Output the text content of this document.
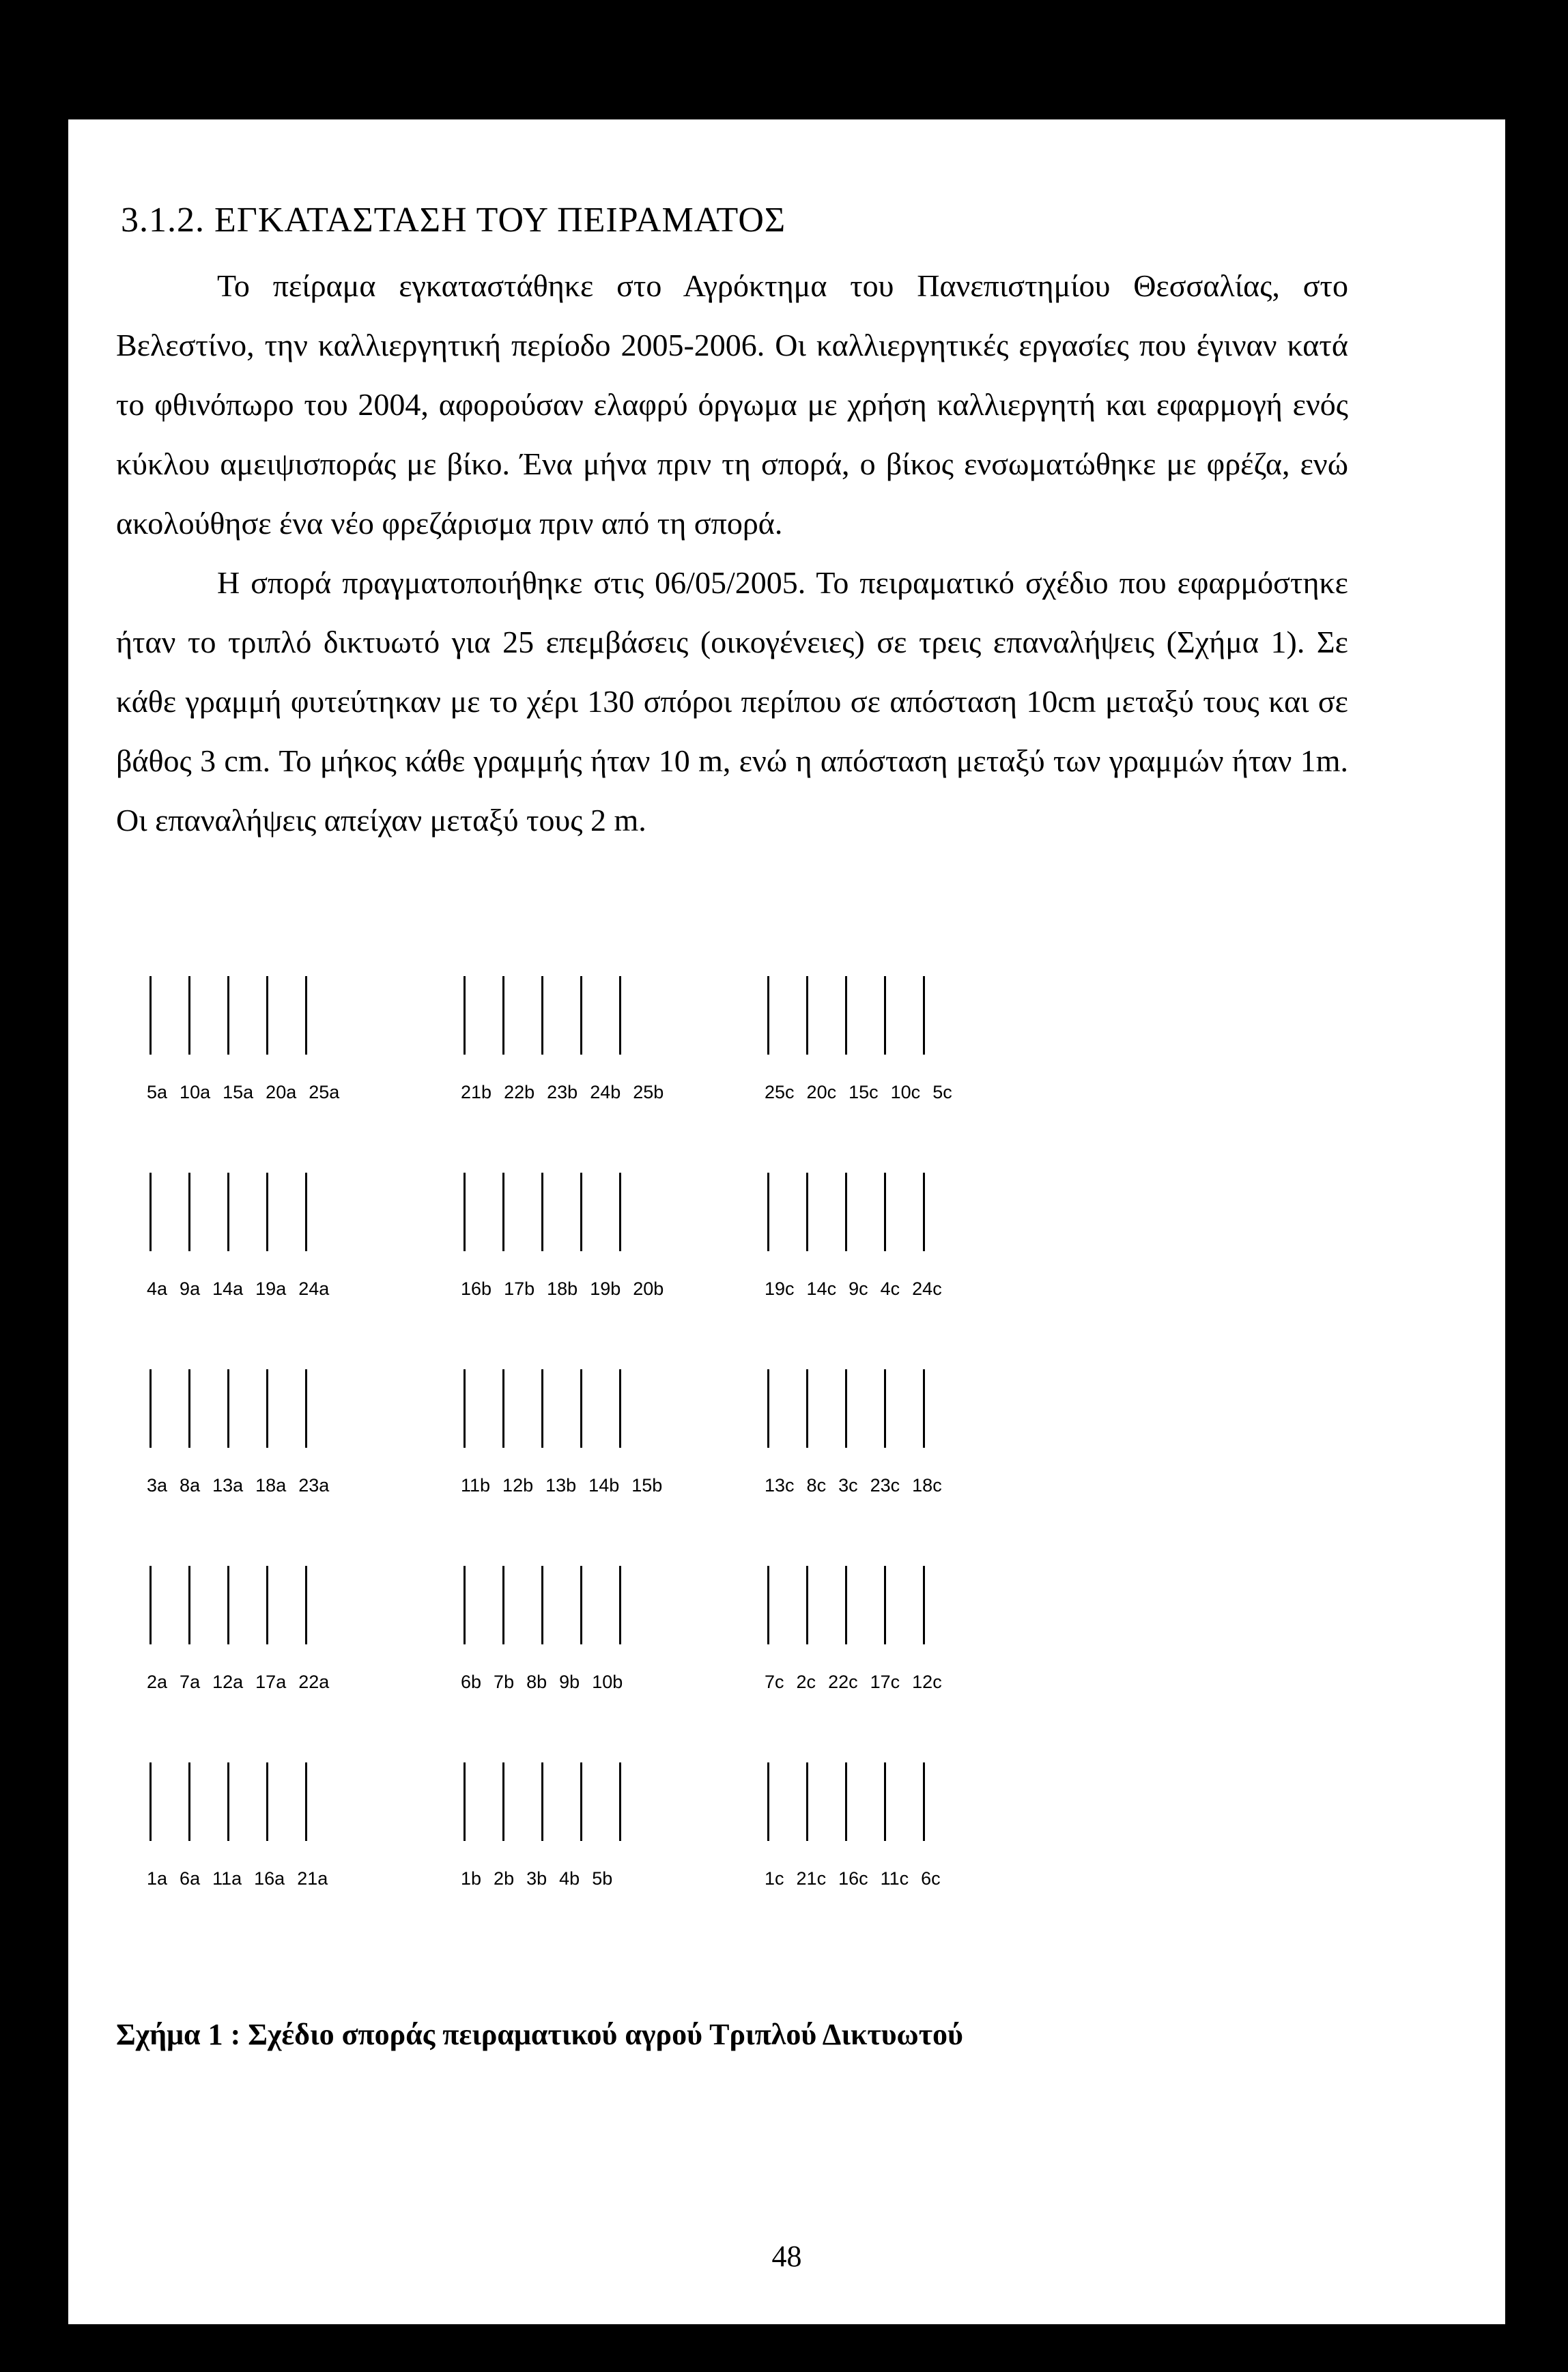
3.1.2. ΕΓΚΑΤΑΣΤΑΣΗ ΤΟΥ ΠΕΙΡΑΜΑΤΟΣ

Το πείραμα εγκαταστάθηκε στο Αγρόκτημα του Πανεπιστημίου Θεσσαλίας, στο Βελεστίνο, την καλλιεργητική περίοδο 2005-2006. Οι καλλιεργητικές εργασίες που έγιναν κατά το φθινόπωρο του 2004, αφορούσαν ελαφρύ όργωμα με χρήση καλλιεργητή και εφαρμογή ενός κύκλου αμειψισποράς με βίκο. Ένα μήνα πριν τη σπορά, ο βίκος ενσωματώθηκε με φρέζα, ενώ ακολούθησε ένα νέο φρεζάρισμα πριν από τη σπορά.

Η σπορά πραγματοποιήθηκε στις 06/05/2005. Το πειραματικό σχέδιο που εφαρμόστηκε ήταν το τριπλό δικτυωτό για 25 επεμβάσεις (οικογένειες) σε τρεις επαναλήψεις (Σχήμα 1). Σε κάθε γραμμή φυτεύτηκαν με το χέρι 130 σπόροι περίπου σε απόσταση 10cm μεταξύ τους και σε βάθος 3 cm. Το μήκος κάθε γραμμής ήταν 10 m, ενώ η απόσταση μεταξύ των γραμμών ήταν 1m. Οι επαναλήψεις απείχαν μεταξύ τους 2 m.

5a 10a 15a 20a 25a	21b 22b 23b 24b 25b	25c 20c 15c 10c 5c
4a 9a 14a 19a 24a	16b 17b 18b 19b 20b	19c 14c 9c 4c 24c
3a 8a 13a 18a 23a	11b 12b 13b 14b 15b	13c 8c 3c 23c 18c
2a 7a 12a 17a 22a	6b 7b 8b 9b 10b	7c 2c 22c 17c 12c
1a 6a 11a 16a 21a	1b 2b 3b 4b 5b	1c 21c 16c 11c 6c
Σχήμα 1 : Σχέδιο σποράς πειραματικού αγρού Τριπλού Δικτυωτού
48
